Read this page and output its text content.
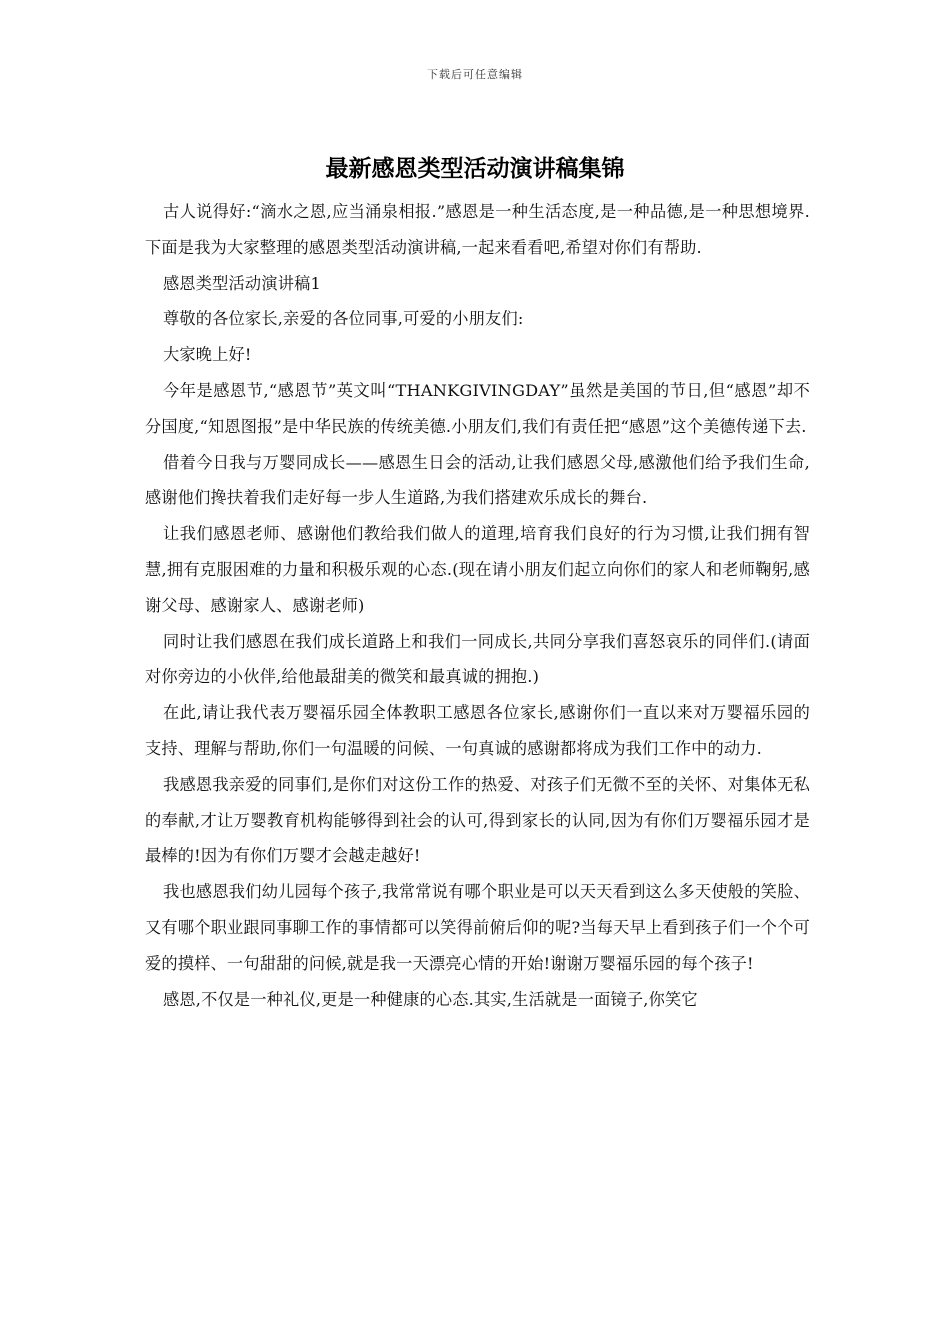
下载后可任意编辑
最新感恩类型活动演讲稿集锦

古人说得好:“滴水之恩,应当涌泉相报.”感恩是一种生活态度,是一种品德,是一种思想境界.下面是我为大家整理的感恩类型活动演讲稿,一起来看看吧,希望对你们有帮助.

感恩类型活动演讲稿1

尊敬的各位家长,亲爱的各位同事,可爱的小朋友们:

大家晚上好!

今年是感恩节,“感恩节”英文叫“THANKGIVINGDAY”虽然是美国的节日,但“感恩”却不分国度,“知恩图报”是中华民族的传统美德.小朋友们,我们有责任把“感恩”这个美德传递下去.

借着今日我与万婴同成长——感恩生日会的活动,让我们感恩父母,感激他们给予我们生命,感谢他们搀扶着我们走好每一步人生道路,为我们搭建欢乐成长的舞台.

让我们感恩老师、感谢他们教给我们做人的道理,培育我们良好的行为习惯,让我们拥有智慧,拥有克服困难的力量和积极乐观的心态.(现在请小朋友们起立向你们的家人和老师鞠躬,感谢父母、感谢家人、感谢老师)

同时让我们感恩在我们成长道路上和我们一同成长,共同分享我们喜怒哀乐的同伴们.(请面对你旁边的小伙伴,给他最甜美的微笑和最真诚的拥抱.)

在此,请让我代表万婴福乐园全体教职工感恩各位家长,感谢你们一直以来对万婴福乐园的支持、理解与帮助,你们一句温暖的问候、一句真诚的感谢都将成为我们工作中的动力.

我感恩我亲爱的同事们,是你们对这份工作的热爱、对孩子们无微不至的关怀、对集体无私的奉献,才让万婴教育机构能够得到社会的认可,得到家长的认同,因为有你们万婴福乐园才是最棒的!因为有你们万婴才会越走越好!

我也感恩我们幼儿园每个孩子,我常常说有哪个职业是可以天天看到这么多天使般的笑脸、又有哪个职业跟同事聊工作的事情都可以笑得前俯后仰的呢?当每天早上看到孩子们一个个可爱的摸样、一句甜甜的问候,就是我一天漂亮心情的开始!谢谢万婴福乐园的每个孩子!

感恩,不仅是一种礼仪,更是一种健康的心态.其实,生活就是一面镜子,你笑它
